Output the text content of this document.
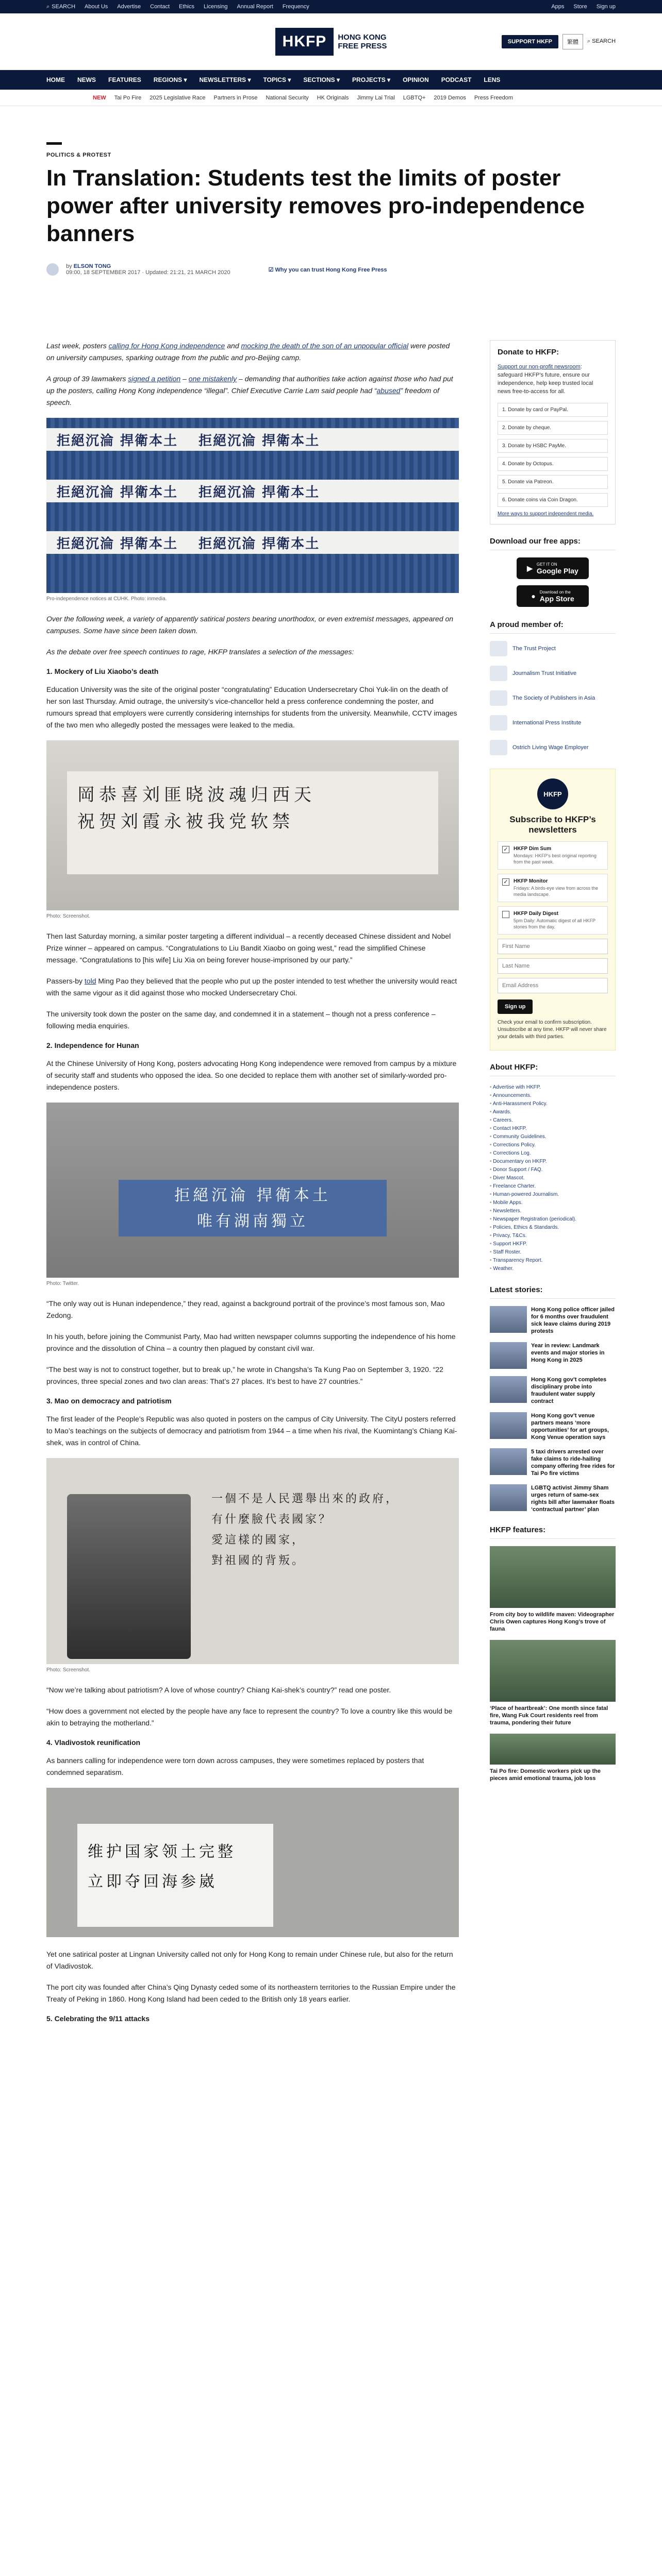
⌕ SEARCH About Us Advertise Contact Ethics Licensing Annual Report Frequency	Apps Store Sign up
HKFP	HONG KONG
FREE PRESS	SUPPORT HKFP	繁體	⌕ SEARCH
HOME NEWS FEATURES REGIONS ▾ NEWSLETTERS ▾ TOPICS ▾ SECTIONS ▾ PROJECTS ▾ OPINION PODCAST LENS
NEW Tai Po Fire 2025 Legislative Race Partners in Prose National Security HK Originals Jimmy Lai Trial LGBTQ+ 2019 Demos Press Freedom
POLITICS & PROTEST
In Translation: Students test the limits of poster power after university removes pro-independence banners
by ELSON TONG
09:00, 18 SEPTEMBER 2017 · Updated: 21:21, 21 MARCH 2020	☑ Why you can trust Hong Kong Free Press

Last week, posters calling for Hong Kong independence and mocking the death of the son of an unpopular official were posted on university campuses, sparking outrage from the public and pro-Beijing camp.

A group of 39 lawmakers signed a petition – one mistakenly – demanding that authorities take action against those who had put up the posters, calling Hong Kong independence “illegal”. Chief Executive Carrie Lam said people had “abused” freedom of speech.

拒絕沉淪 捍衛本土 拒絕沉淪 捍衛本土
拒絕沉淪 捍衛本土 拒絕沉淪 捍衛本土
拒絕沉淪 捍衛本土 拒絕沉淪 捍衛本土
Pro-independence notices at CUHK. Photo: inmedia.

Over the following week, a variety of apparently satirical posters bearing unorthodox, or even extremist messages, appeared on campuses. Some have since been taken down.

As the debate over free speech continues to rage, HKFP translates a selection of the messages:

1. Mockery of Liu Xiaobo’s death

Education University was the site of the original poster “congratulating” Education Undersecretary Choi Yuk-lin on the death of her son last Thursday. Amid outrage, the university’s vice-chancellor held a press conference condemning the poster, and rumours spread that employers were currently considering internships for students from the university. Meanwhile, CCTV images of the two men who allegedly posted the messages were leaked to the media.

岡恭喜刘匪晓波魂归西天
祝贺刘霞永被我党软禁
Photo: Screenshot.

Then last Saturday morning, a similar poster targeting a different individual – a recently deceased Chinese dissident and Nobel Prize winner – appeared on campus. “Congratulations to Liu Bandit Xiaobo on going west,” read the simplified Chinese message. “Congratulations to [his wife] Liu Xia on being forever house-imprisoned by our party.”

Passers-by told Ming Pao they believed that the people who put up the poster intended to test whether the university would react with the same vigour as it did against those who mocked Undersecretary Choi.

The university took down the poster on the same day, and condemned it in a statement – though not a press conference – following media enquiries.

2. Independence for Hunan

At the Chinese University of Hong Kong, posters advocating Hong Kong independence were removed from campus by a mixture of security staff and students who opposed the idea. So one decided to replace them with another set of similarly-worded pro-independence posters.

拒絕沉淪 捍衛本土
唯有湖南獨立
Photo: Twitter.

“The only way out is Hunan independence,” they read, against a background portrait of the province’s most famous son, Mao Zedong.

In his youth, before joining the Communist Party, Mao had written newspaper columns supporting the independence of his home province and the dissolution of China – a country then plagued by constant civil war.

“The best way is not to construct together, but to break up,” he wrote in Changsha’s Ta Kung Pao on September 3, 1920. “22 provinces, three special zones and two clan areas: That’s 27 places. It’s best to have 27 countries.”

3. Mao on democracy and patriotism

The first leader of the People’s Republic was also quoted in posters on the campus of City University. The CityU posters referred to Mao’s teachings on the subjects of democracy and patriotism from 1944 – a time when his rival, the Kuomintang’s Chiang Kai-shek, was in control of China.

一個不是人民選舉出來的政府，
有什麼臉代表國家？
愛這樣的國家，
對祖國的背叛。
Photo: Screenshot.

“Now we’re talking about patriotism? A love of whose country? Chiang Kai-shek’s country?” read one poster.

“How does a government not elected by the people have any face to represent the country? To love a country like this would be akin to betraying the motherland.”

4. Vladivostok reunification

As banners calling for independence were torn down across campuses, they were sometimes replaced by posters that condemned separatism.

维护国家领土完整
立即夺回海参崴

Yet one satirical poster at Lingnan University called not only for Hong Kong to remain under Chinese rule, but also for the return of Vladivostok.

The port city was founded after China’s Qing Dynasty ceded some of its northeastern territories to the Russian Empire under the Treaty of Peking in 1860. Hong Kong Island had been ceded to the British only 18 years earlier.

5. Celebrating the 9/11 attacks
Donate to HKFP:
Support our non-profit newsroom: safeguard HKFP’s future, ensure our independence, help keep trusted local news free-to-access for all.
1. Donate by card or PayPal.
2. Donate by cheque.
3. Donate by HSBC PayMe.
4. Donate by Octopus.
5. Donate via Patreon.
6. Donate coins via Coin Dragon.
More ways to support independent media.
Download our free apps:
▶ GET IT ON
Google Play
● Download on the
App Store
A proud member of:
The Trust Project
Journalism Trust Initiative
The Society of Publishers in Asia
International Press Institute
Ostrich Living Wage Employer
HKFP
Subscribe to HKFP’s newsletters
✓ HKFP Dim Sum
Mondays: HKFP’s best original reporting from the past week.
✓ HKFP Monitor
Fridays: A birds-eye view from across the media landscape.
HKFP Daily Digest
5pm Daily: Automatic digest of all HKFP stories from the day.
First Name Last Name Email Address Sign up
Check your email to confirm subscription. Unsubscribe at any time. HKFP will never share your details with third parties.
About HKFP:
• Advertise with HKFP.
• Announcements.
• Anti-Harassment Policy.
• Awards.
• Careers.
• Contact HKFP.
• Community Guidelines.
• Corrections Policy.
• Corrections Log.
• Documentary on HKFP.
• Donor Support / FAQ.
• Diver Mascot.
• Freelance Charter.
• Human-powered Journalism.
• Mobile Apps.
• Newsletters.
• Newspaper Registration (periodical).
• Policies, Ethics & Standards.
• Privacy, T&Cs.
• Support HKFP.
• Staff Roster.
• Transparency Report.
• Weather.
Latest stories:
Hong Kong police officer jailed for 6 months over fraudulent sick leave claims during 2019 protests
Year in review: Landmark events and major stories in Hong Kong in 2025
Hong Kong gov’t completes disciplinary probe into fraudulent water supply contract
Hong Kong gov’t venue partners means ‘more opportunities’ for art groups, Kong Venue operation says
5 taxi drivers arrested over fake claims to ride-hailing company offering free rides for Tai Po fire victims
LGBTQ activist Jimmy Sham urges return of same-sex rights bill after lawmaker floats ‘contractual partner’ plan
HKFP features:
From city boy to wildlife maven: Videographer Chris Owen captures Hong Kong’s trove of fauna
‘Place of heartbreak’: One month since fatal fire, Wang Fuk Court residents reel from trauma, pondering their future
Tai Po fire: Domestic workers pick up the pieces amid emotional trauma, job loss
